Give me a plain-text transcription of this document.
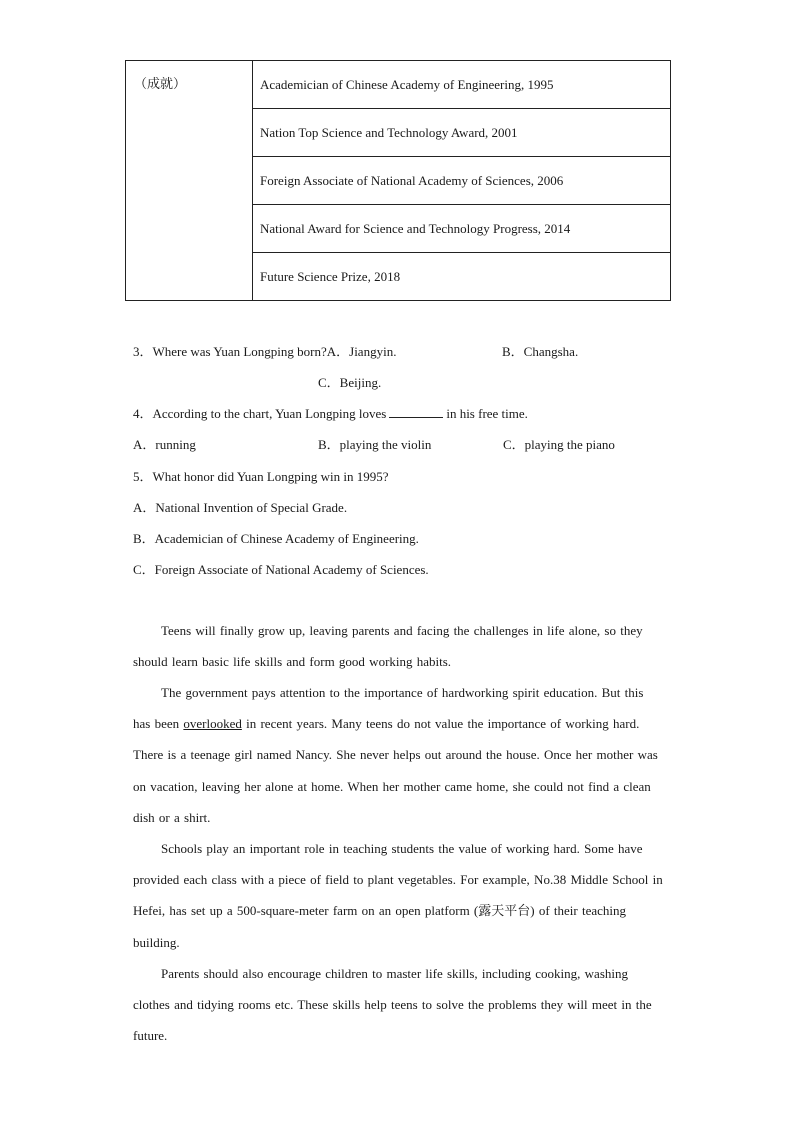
（成就）	Academician of Chinese Academy of Engineering, 1995
Nation Top Science and Technology Award, 2001
Foreign Associate of National Academy of Sciences, 2006
National Award for Science and Technology Progress, 2014
Future Science Prize, 2018
3．Where was Yuan Longping born?A．Jiangyin.	B．Changsha.
C．Beijing.
4．According to the chart, Yuan Longping loves	in his free time.
A．running	B．playing the violin	C．playing the piano
5．What honor did Yuan Longping win in 1995?
A．National Invention of Special Grade.
B．Academician of Chinese Academy of Engineering.
C．Foreign Associate of National Academy of Sciences.
Teens will finally grow up, leaving parents and facing the challenges in life alone, so they should learn basic life skills and form good working habits.
The government pays attention to the importance of hardworking spirit education. But this has been overlooked in recent years. Many teens do not value the importance of working hard. There is a teenage girl named Nancy. She never helps out around the house. Once her mother was on vacation, leaving her alone at home. When her mother came home, she could not find a clean dish or a shirt.
Schools play an important role in teaching students the value of working hard. Some have provided each class with a piece of field to plant vegetables. For example, No.38 Middle School in Hefei, has set up a 500-square-meter farm on an open platform (露天平台) of their teaching building.
Parents should also encourage children to master life skills, including cooking, washing clothes and tidying rooms etc. These skills help teens to solve the problems they will meet in the future.
